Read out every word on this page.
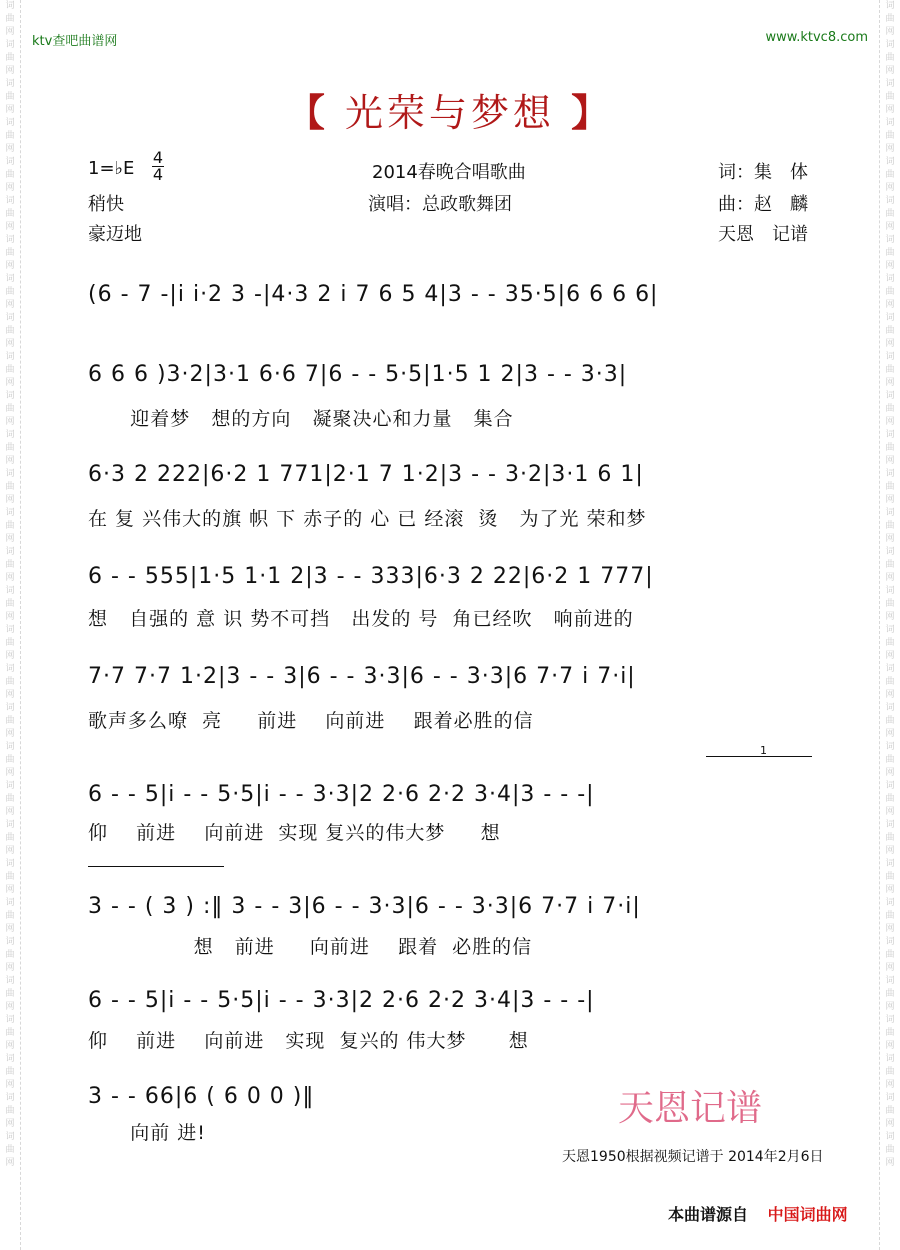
词曲网词曲网词曲网词曲网词曲网词曲网词曲网词曲网词曲网词曲网词曲网词曲网词曲网词曲网词曲网词曲网词曲网词曲网词曲网词曲网词曲网词曲网词曲网词曲网词曲网词曲网词曲网词曲网词曲网词曲网
词曲网词曲网词曲网词曲网词曲网词曲网词曲网词曲网词曲网词曲网词曲网词曲网词曲网词曲网词曲网词曲网词曲网词曲网词曲网词曲网词曲网词曲网词曲网词曲网词曲网词曲网词曲网词曲网词曲网词曲网
ktv查吧曲谱网	www.ktvc8.com
【 光荣与梦想 】
1=♭E
4
4
稍快
豪迈地
2014春晚合唱歌曲
演唱：总政歌舞团
词：集　体
曲：赵　麟
天恩　记谱
(6 - 7 -|i i·2 3 -|4·3 2 i 7 6 5 4|3 - - 35·5|6 6 6 6|
6 6 6 )3·2|3·1 6·6 7|6 - - 5·5|1·5 1 2|3 - - 3·3|
迎着梦   想的方向   凝聚决心和力量   集合
6·3 2 222|6·2 1 771|2·1 7 1·2|3 - - 3·2|3·1 6 1|
在 复 兴伟大的旗 帜 下 赤子的 心 已 经滚  烫   为了光 荣和梦
6 - - 555|1·5 1·1 2|3 - - 333|6·3 2 22|6·2 1 777|
想   自强的 意 识 势不可挡   出发的 号  角已经吹   响前进的
7·7 7·7 1·2|3 - - 3|6 - - 3·3|6 - - 3·3|6 7·7 i 7·i|
歌声多么嘹  亮     前进    向前进    跟着必胜的信
1
6 - - 5|i - - 5·5|i - - 3·3|2 2·6 2·2 3·4|3 - - -|
仰    前进    向前进  实现 复兴的伟大梦     想
3 - - ( 3 ) :‖ 3 - - 3|6 - - 3·3|6 - - 3·3|6 7·7 i 7·i|
想   前进     向前进    跟着  必胜的信
6 - - 5|i - - 5·5|i - - 3·3|2 2·6 2·2 3·4|3 - - -|
仰    前进    向前进   实现  复兴的 伟大梦      想
3 - - 66|6 ( 6 0 0 )‖
向前 进!
天恩记谱
天恩1950根据视频记谱于 2014年2月6日
本曲谱源自 中国词曲网
